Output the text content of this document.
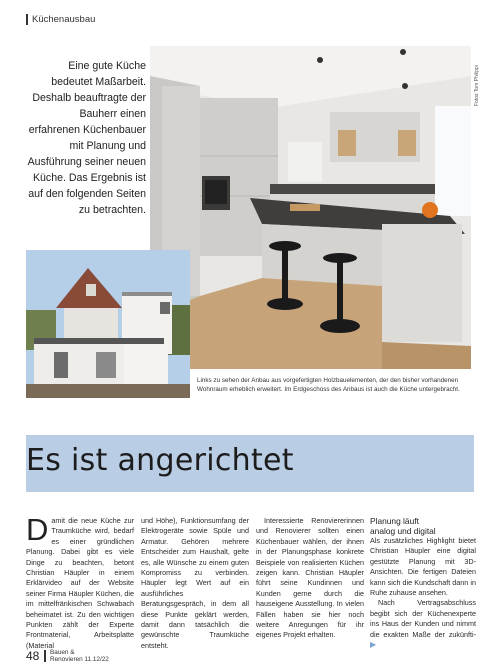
Küchenausbau
Eine gute Küche bedeutet Maßarbeit. Deshalb beauftragte der Bauherr einen erfahrenen Küchenbauer mit Planung und Ausführung seiner neuen Küche. Das Ergebnis ist auf den folgenden Seiten zu betrachten.
Fotos Tom Philippi
Links zu sehen der Anbau aus vorgefertigten Holzbauelementen, der den bisher vorhandenen Wohnraum erheblich erweitert. Im Erdgeschoss des Anbaus ist auch die Küche untergebracht.
Es ist angerichtet

Damit die neue Küche zur Traumküche wird, bedarf es einer gründlichen Planung. Dabei gibt es viele Dinge zu beachten, betont Christian Häupler in einem Erklärvideo auf der Website seiner Firma Häupler Küchen, die im mittelfränkischen Schwabach beheimatet ist. Zu den wichtigen Punkten zählt der Experte Frontmaterial, Arbeitsplatte (Material

und Höhe), Funktionsumfang der Elektrogeräte sowie Spüle und Armatur. Gehören mehrere Entscheider zum Haushalt, gelte es, alle Wünsche zu einem guten Kompromiss zu verbinden. Häupler legt Wert auf ein ausführliches Beratungsgespräch, in dem all diese Punkte geklärt werden, damit dann tatsächlich die gewünschte Traumküche entsteht.

Interessierte Renoviererinnen und Renovierer sollten einen Küchenbauer wählen, der ihnen in der Planungsphase konkrete Beispiele von realisierten Küchen zeigen kann. Christian Häupler führt seine Kundinnen und Kunden gerne durch die hauseigene Ausstellung. In vielen Fällen haben sie hier noch weitere Anregungen für ihr eigenes Projekt erhalten.

Planung läuft
analog und digital

Als zusätzliches Highlight bietet Christian Häupler eine digital gestützte Planung mit 3D-Ansichten. Die fertigen Dateien kann sich die Kundschaft dann in Ruhe zuhause ansehen.

Nach Vertragsabschluss begibt sich der Küchenexperte ins Haus der Kunden und nimmt die exakten Maße der zukünfti- ▶

48 Bauen &
Renovieren 11.12/22
